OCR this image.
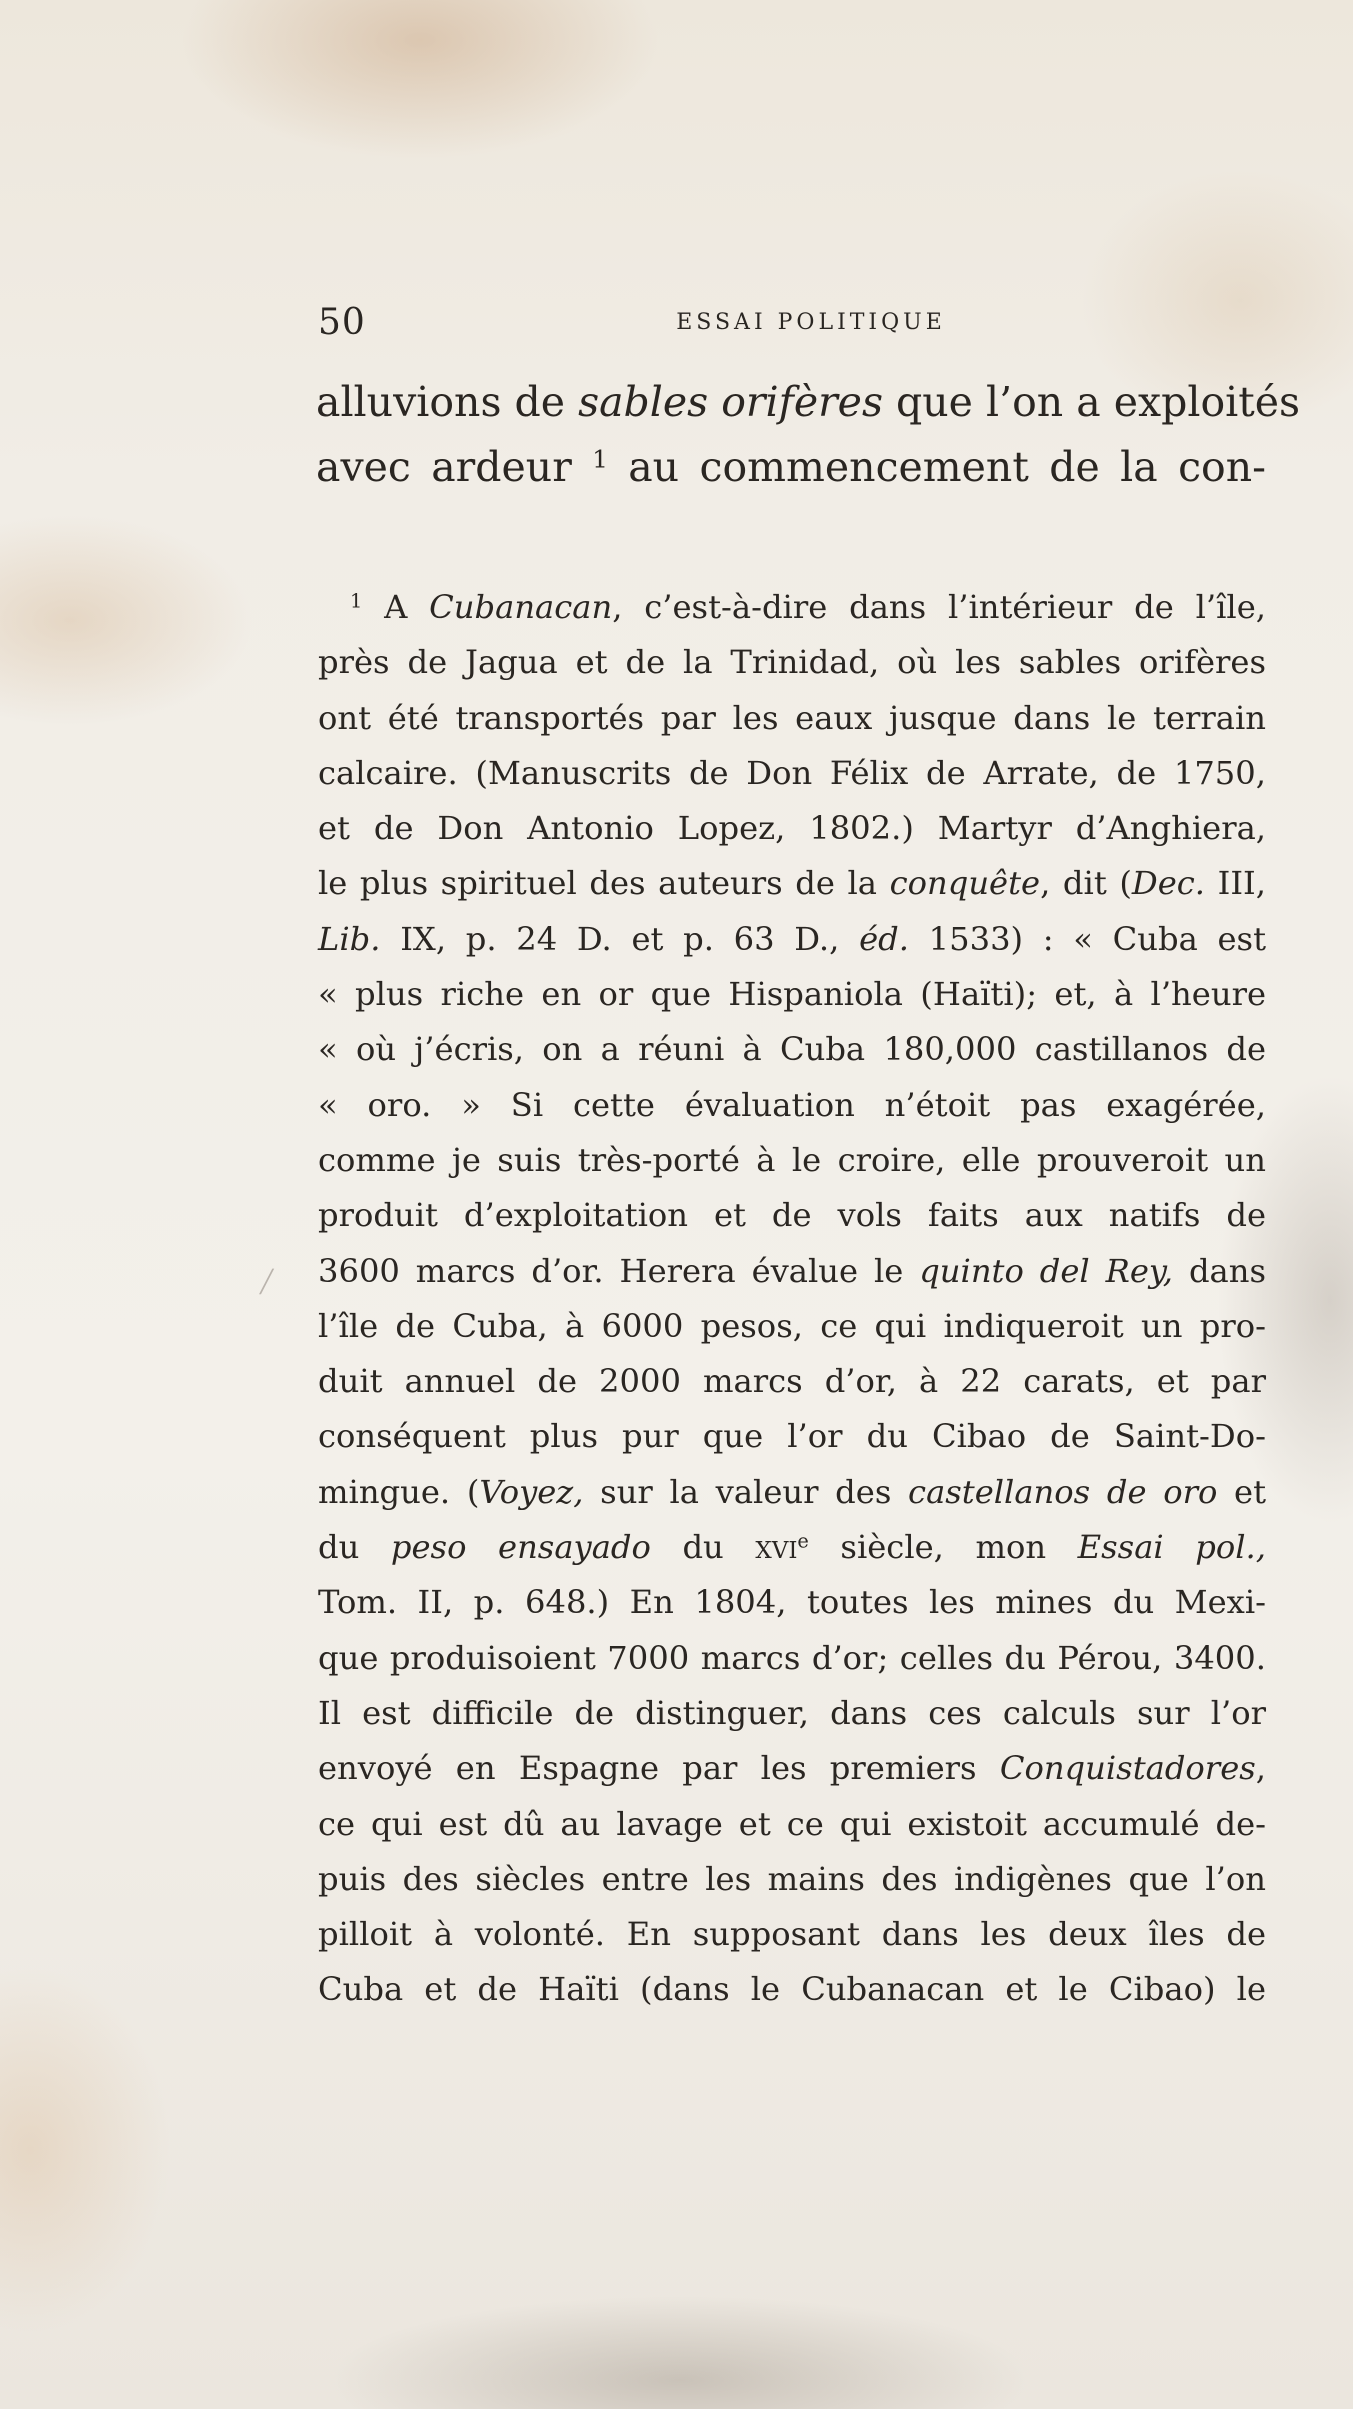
50	ESSAI POLITIQUE
alluvions de sables orifères que l’on a exploités
avec ardeur $^1$ au commencement de la con-
$^1$ A Cubanacan, c’est-à-dire dans l’intérieur de l’île,
près de Jagua et de la Trinidad, où les sables orifères
ont été transportés par les eaux jusque dans le terrain
calcaire. (Manuscrits de Don Félix de Arrate, de 1750,
et de Don Antonio Lopez, 1802.) Martyr d’Anghiera,
le plus spirituel des auteurs de la conquête, dit (Dec. III,
Lib. IX, p. 24 D. et p. 63 D., éd. 1533) : « Cuba est
« plus riche en or que Hispaniola (Haïti); et, à l’heure
« où j’écris, on a réuni à Cuba 180,000 castillanos de
« oro. » Si cette évaluation n’étoit pas exagérée,
comme je suis très-porté à le croire, elle prouveroit un
produit d’exploitation et de vols faits aux natifs de
3600 marcs d’or. Herera évalue le quinto del Rey, dans
l’île de Cuba, à 6000 pesos, ce qui indiqueroit un pro-
duit annuel de 2000 marcs d’or, à 22 carats, et par
conséquent plus pur que l’or du Cibao de Saint-Do-
mingue. (Voyez, sur la valeur des castellanos de oro et
du peso ensayado du xvi$^e$ siècle, mon Essai pol.,
Tom. II, p. 648.) En 1804, toutes les mines du Mexi-
que produisoient 7000 marcs d’or; celles du Pérou, 3400.
Il est difficile de distinguer, dans ces calculs sur l’or
envoyé en Espagne par les premiers Conquistadores,
ce qui est dû au lavage et ce qui existoit accumulé de-
puis des siècles entre les mains des indigènes que l’on
pilloit à volonté. En supposant dans les deux îles de
Cuba et de Haïti (dans le Cubanacan et le Cibao) le
╱
